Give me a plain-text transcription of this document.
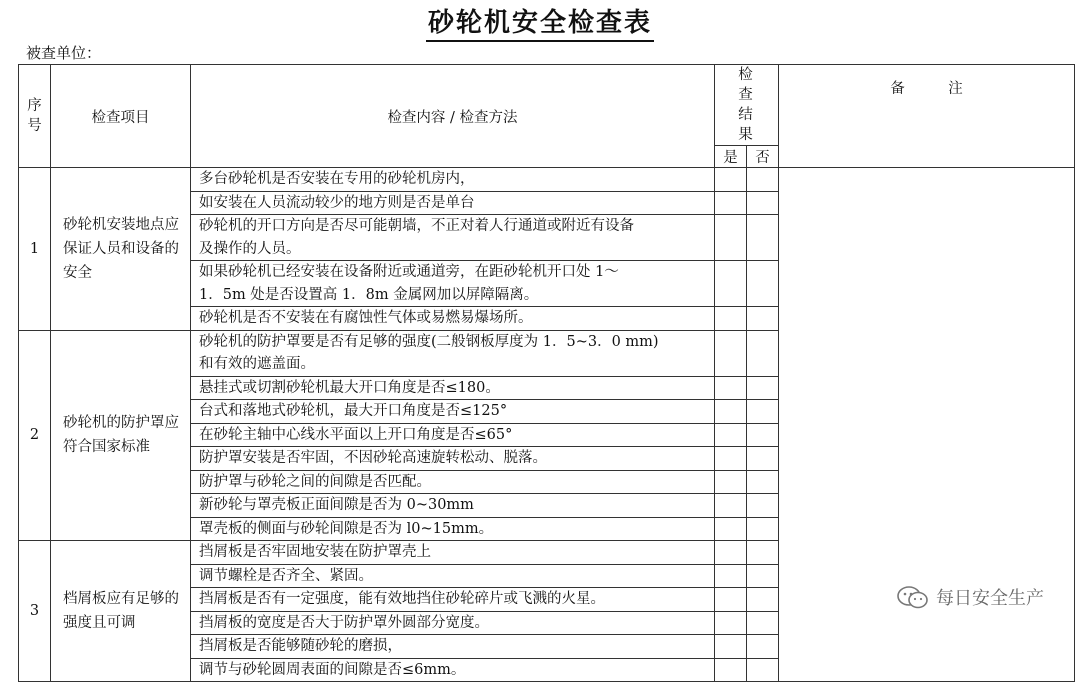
砂轮机安全检查表
被查单位：
序号	检查项目	检查内容 / 检查方法	检查结果		备　　　注
			是	否	
1	砂轮机安装地点应保证人员和设备的安全	多台砂轮机是否安装在专用的砂轮机房内，			

		如安装在人员流动较少的地方则是否是单台			

		砂轮机的开口方向是否尽可能朝墙，不正对着人行通道或附近有设备
及操作的人员。			

		如果砂轮机已经安装在设备附近或通道旁，在距砂轮机开口处 1～
1．5m 处是否设置高 1．8m 金属网加以屏障隔离。			

		砂轮机是否不安装在有腐蚀性气体或易燃易爆场所。			

2	砂轮机的防护罩应符合国家标准	砂轮机的防护罩要是否有足够的强度(二般钢板厚度为 1．5~3．0 mm)
和有效的遮盖面。			

		悬挂式或切割砂轮机最大开口角度是否≤180。			

		台式和落地式砂轮机，最大开口角度是否≤125°			

		在砂轮主轴中心线水平面以上开口角度是否≤65°			

		防护罩安装是否牢固，不因砂轮高速旋转松动、脱落。			

		防护罩与砂轮之间的间隙是否匹配。			

		新砂轮与罩壳板正面间隙是否为 0~30mm			

		罩壳板的侧面与砂轮间隙是否为 l0~15mm。			

3	档屑板应有足够的强度且可调	挡屑板是否牢固地安装在防护罩壳上			

		调节螺栓是否齐全、紧固。			

		挡屑板是否有一定强度，能有效地挡住砂轮碎片或飞溅的火星。			

		挡屑板的宽度是否大于防护罩外圆部分宽度。			

		挡屑板是否能够随砂轮的磨损，			

		调节与砂轮圆周表面的间隙是否≤6mm。			

每日安全生产
